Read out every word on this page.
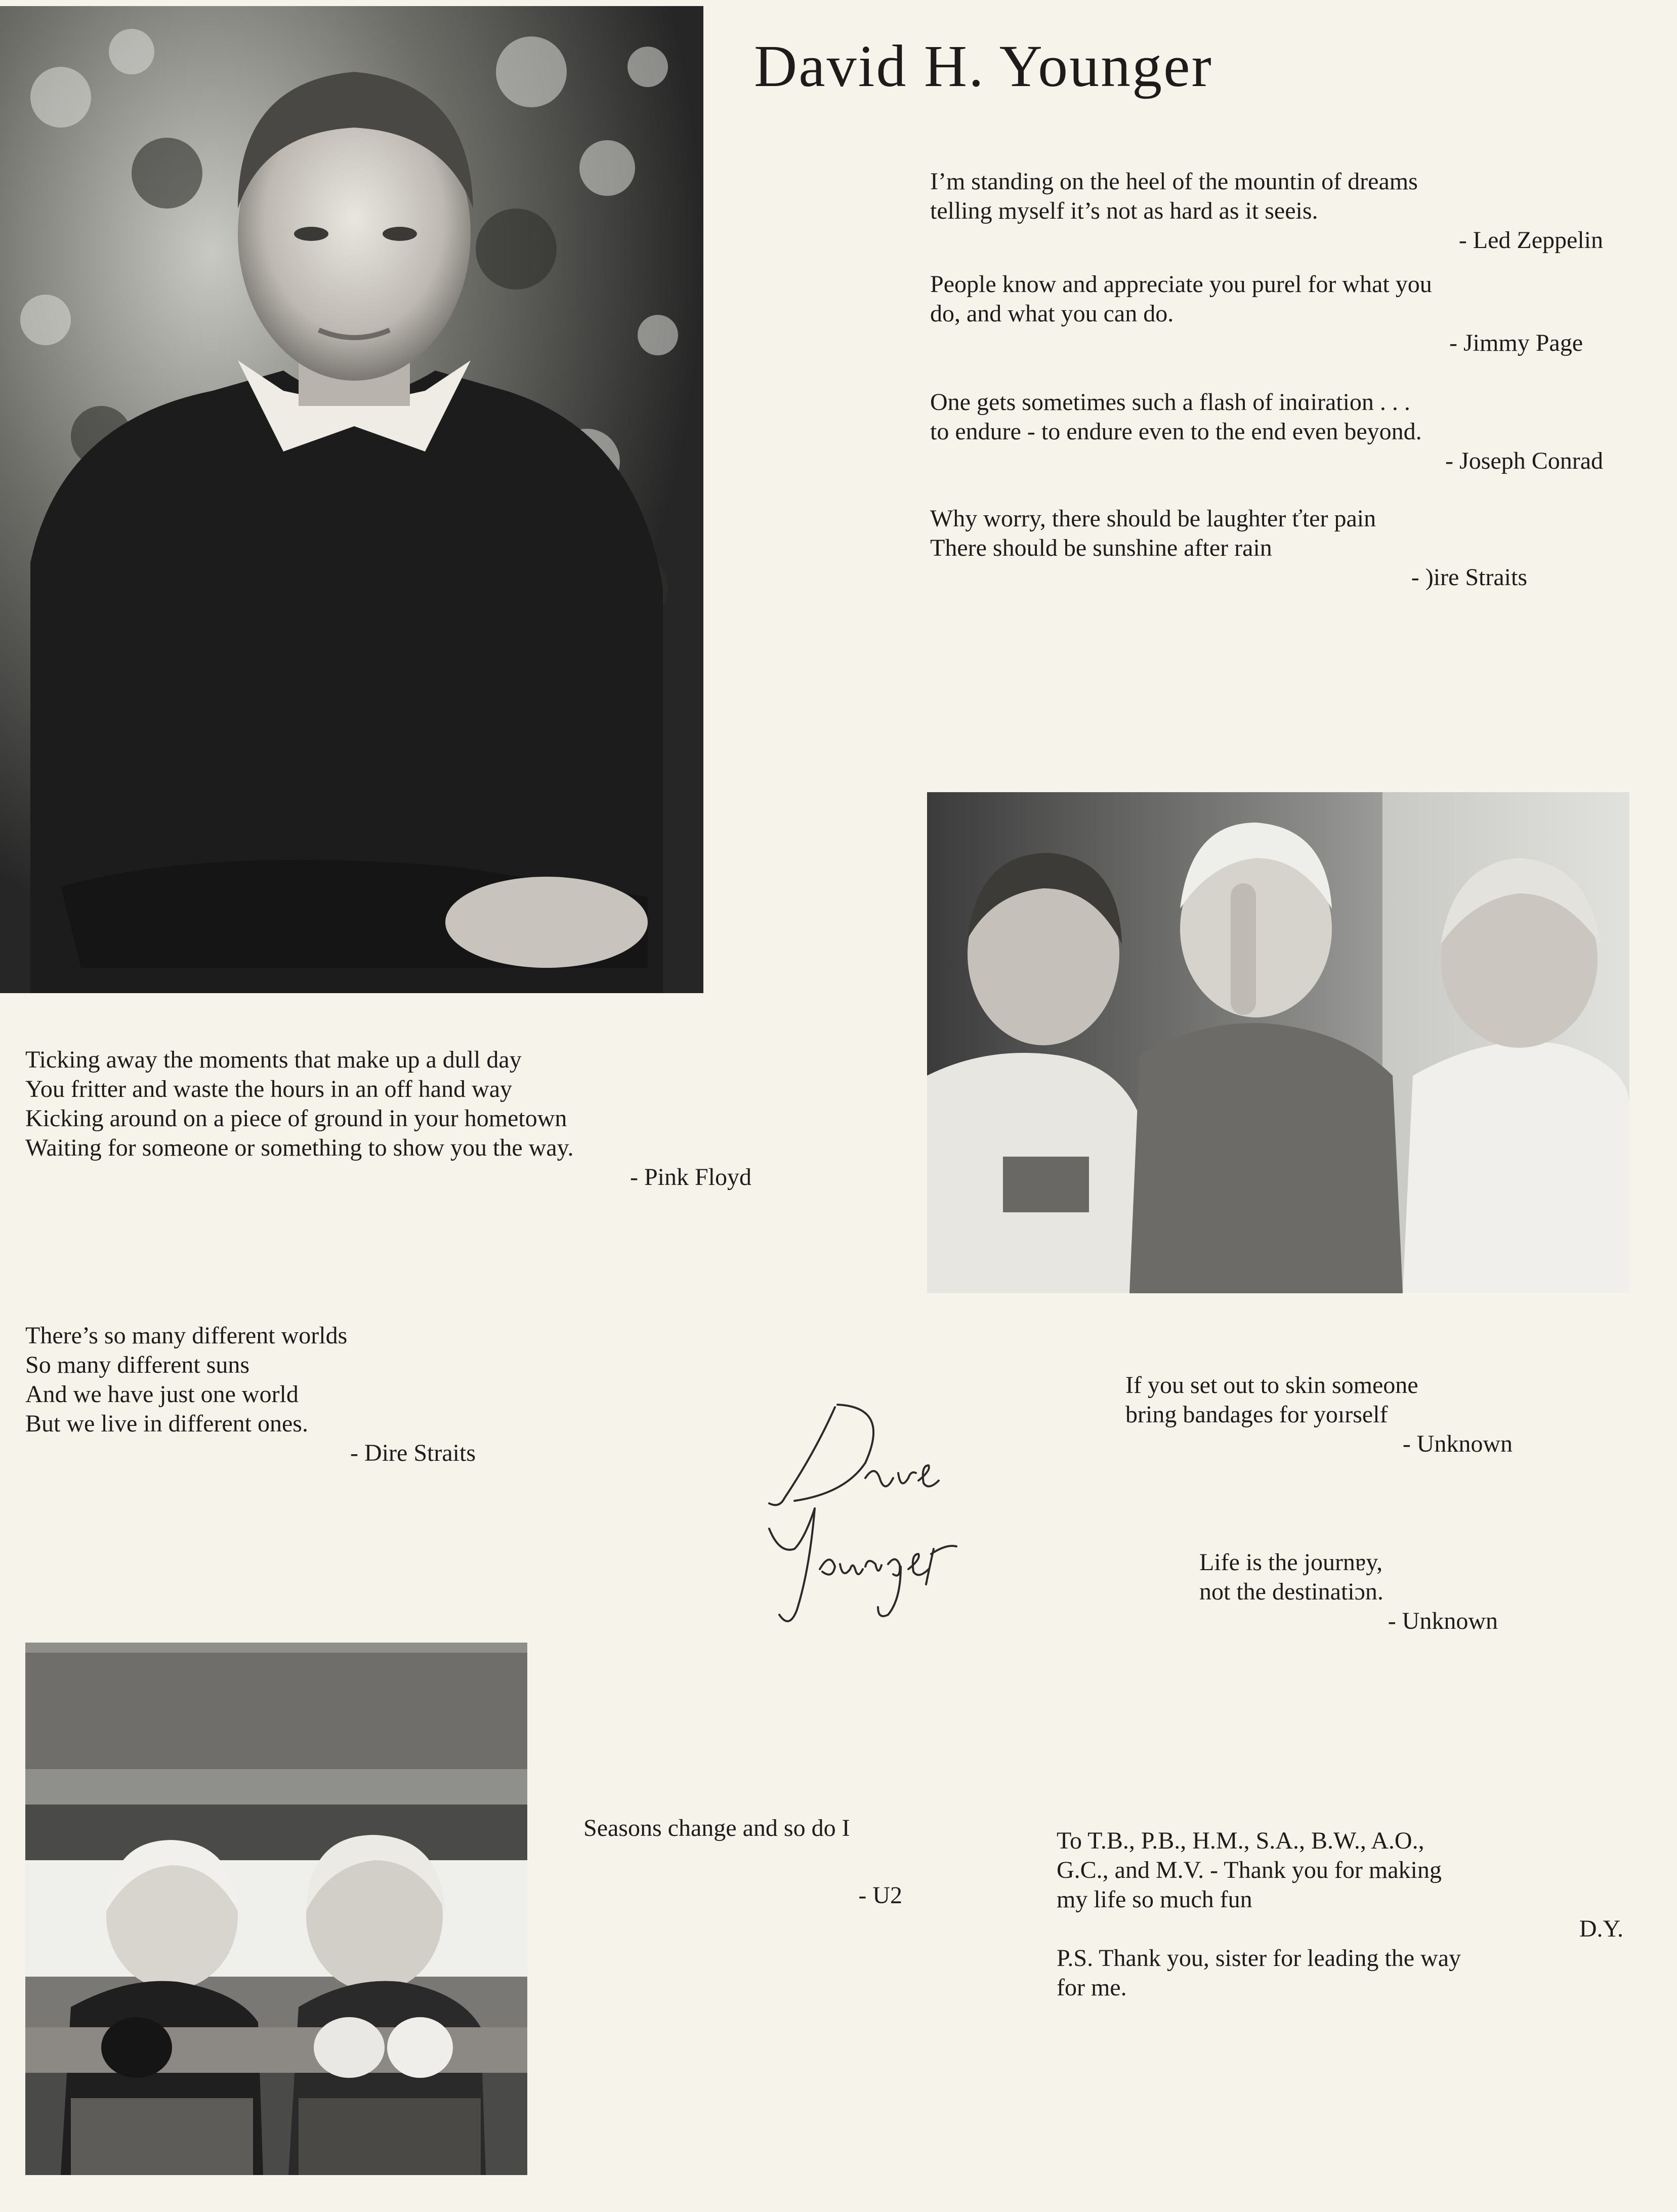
David H. Younger
I’m standing on the heel of the mountin of dreams
telling myself it’s not as hard as it seeis.
- Led Zeppelin
People know and appreciate you purel for what you
do, and what you can do.
- Jimmy Page
One gets sometimes such a flash of inɑiration . . .
to endure - to endure even to the end even beyond.
- Joseph Conrad
Why worry, there should be laughter ťter pain
There should be sunshine after rain
- )ire Straits
Ticking away the moments that make up a dull day
You fritter and waste the hours in an off hand way
Kicking around on a piece of ground in your hometown
Waiting for someone or something to show you the way.
- Pink Floyd
There’s so many different worlds
So many different suns
And we have just one world
But we live in different ones.
- Dire Straits
If you set out to skin ѕomeone
bring bandages for yoırself
- Unknown
Life is the journɐy,
not the destinatiɔn.
- Unknown
Seasons change and so do I
- U2
To T.B., P.B., H.M., S.A., B.W., A.O.,
G.C., and M.V. - Thank you for making
my life so much fun
D.Y.
P.S. Thank you, sister for leading the way
for me.
